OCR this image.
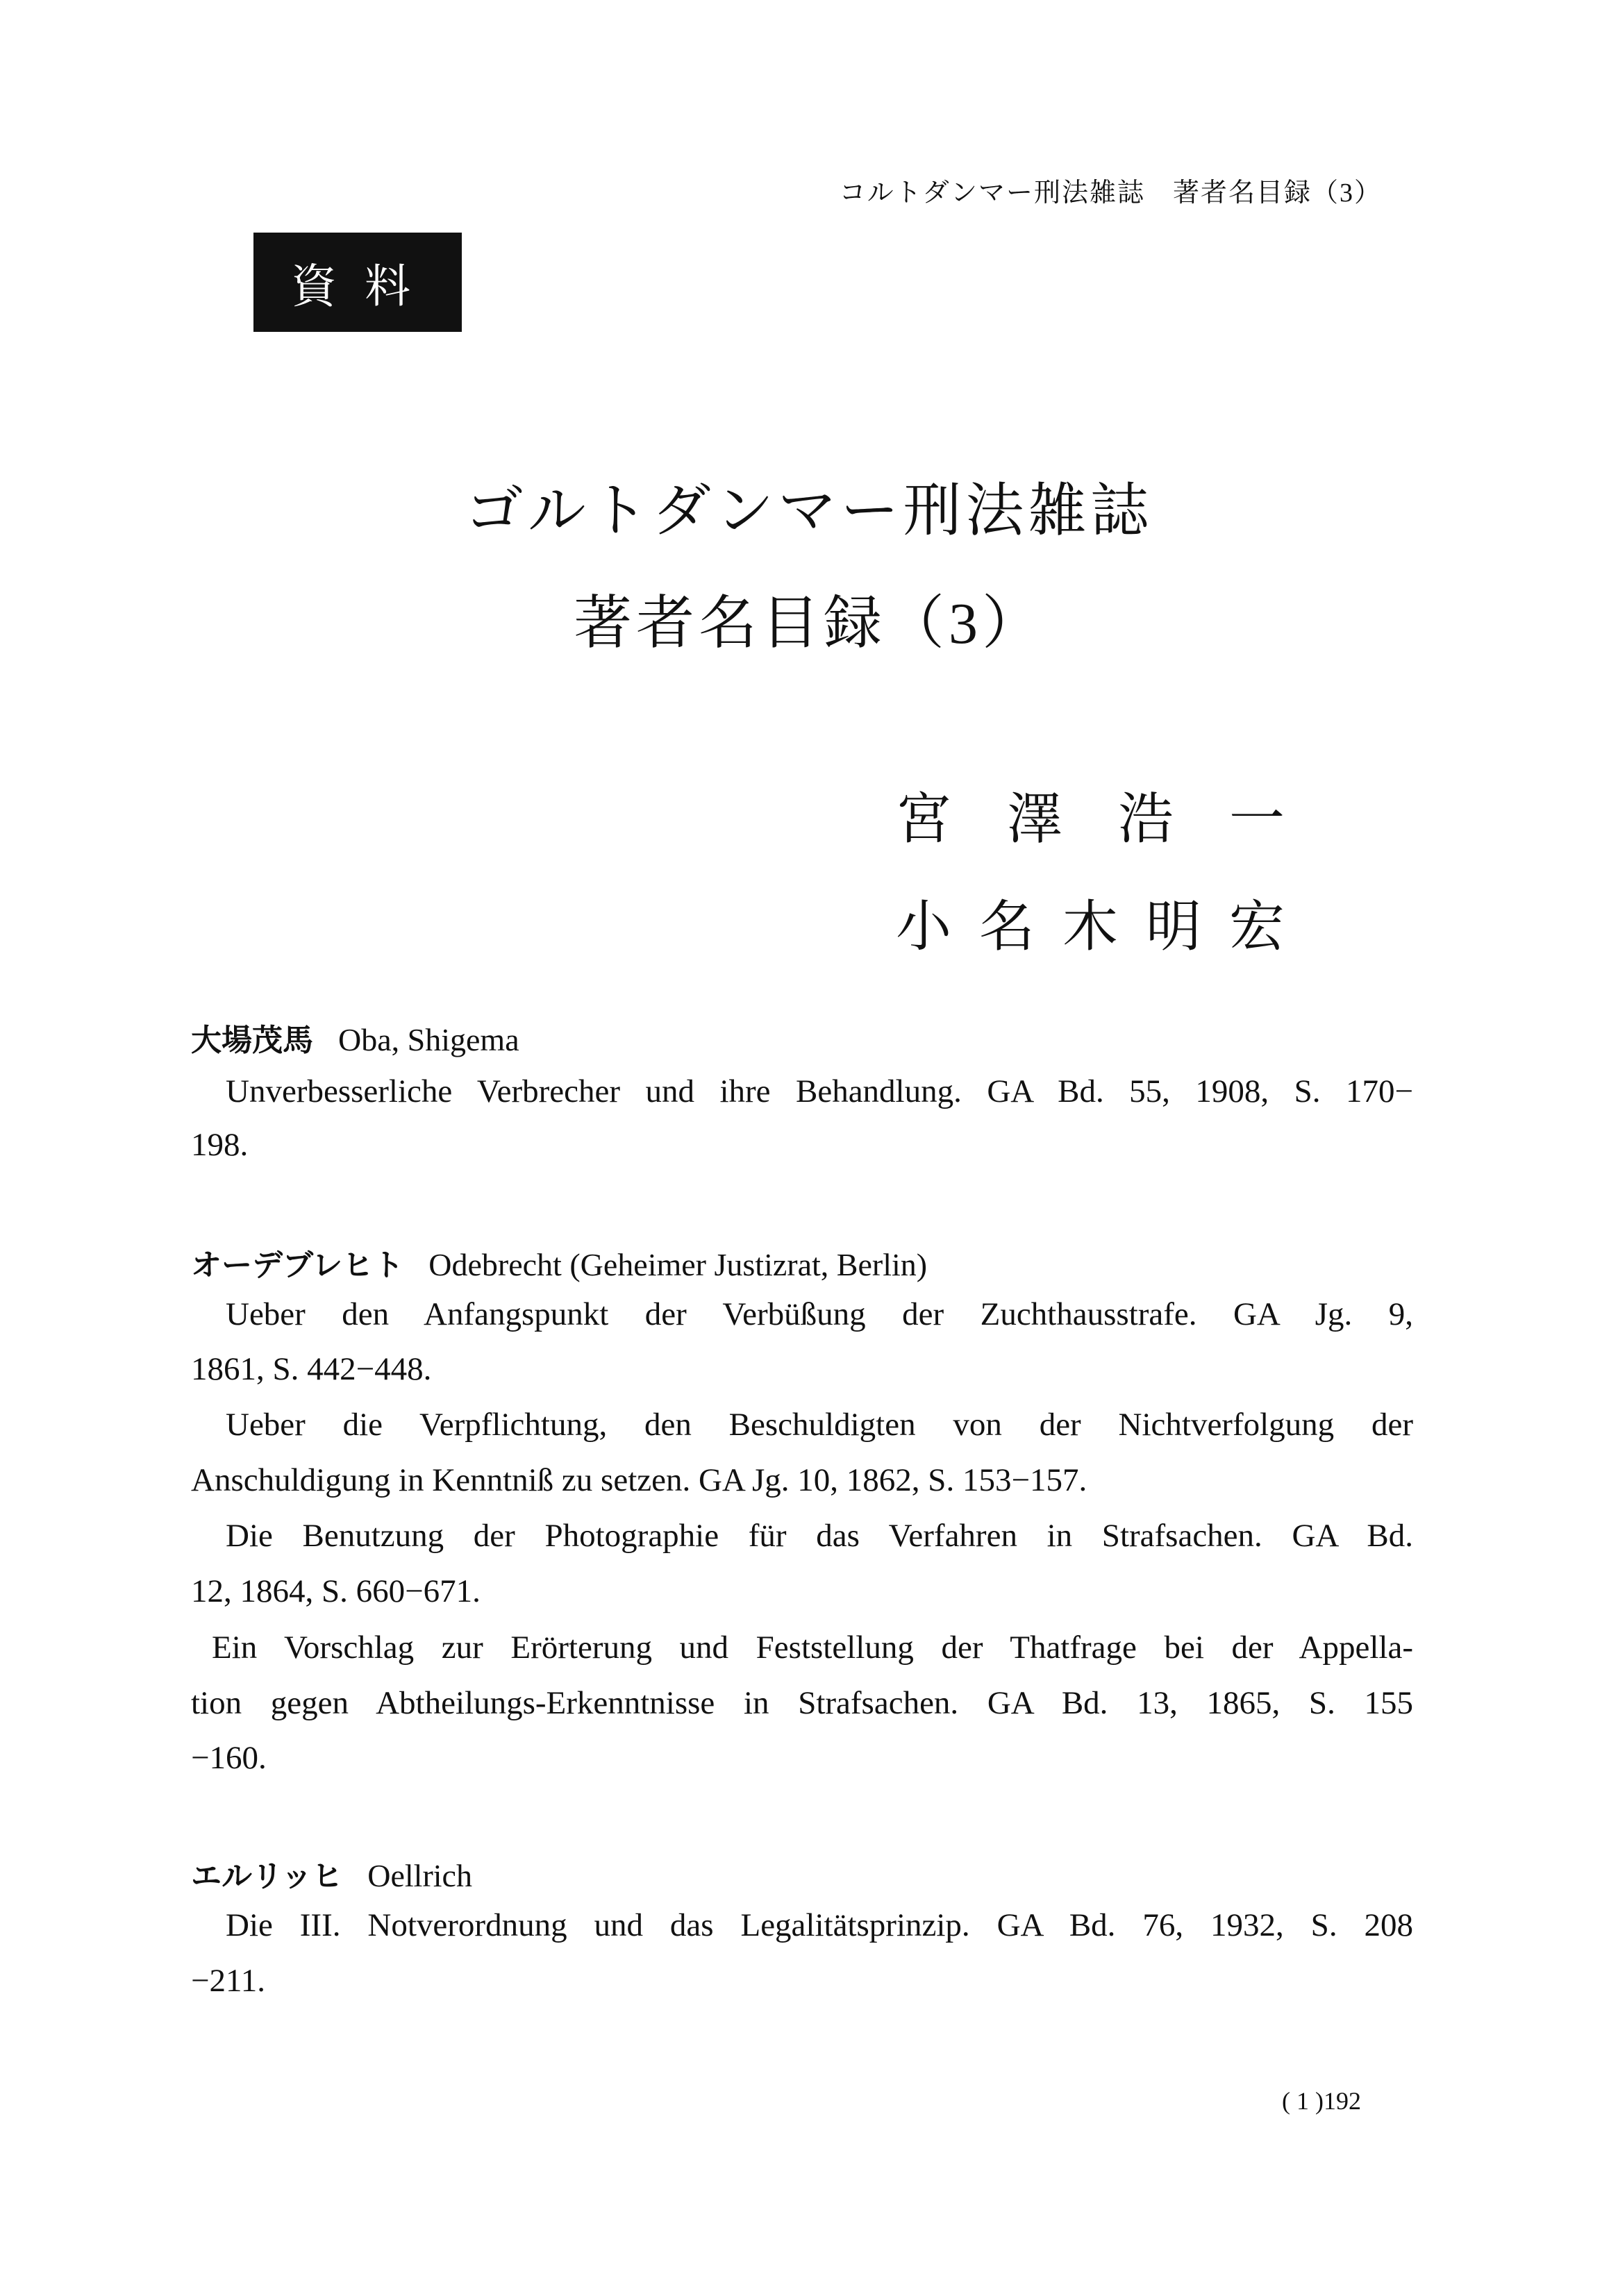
コルトダンマー刑法雑誌　著者名目録（3）
資料
ゴルトダンマー刑法雑誌
著者名目録（3）
宮 澤 浩 一
小 名 木 明 宏
大場茂馬 Oba, Shigema
Unverbesserliche Verbrecher und ihre Behandlung. GA Bd. 55, 1908, S. 170−
198.
オーデブレヒト Odebrecht (Geheimer Justizrat, Berlin)
Ueber den Anfangspunkt der Verbüßung der Zuchthausstrafe. GA Jg. 9,
1861, S. 442−448.
Ueber die Verpflichtung, den Beschuldigten von der Nichtverfolgung der
Anschuldigung in Kenntniß zu setzen. GA Jg. 10, 1862, S. 153−157.
Die Benutzung der Photographie für das Verfahren in Strafsachen. GA Bd.
12, 1864, S. 660−671.
Ein Vorschlag zur Erörterung und Feststellung der Thatfrage bei der Appella-
tion gegen Abtheilungs-Erkenntnisse in Strafsachen. GA Bd. 13, 1865, S. 155
−160.
エルリッヒ Oellrich
Die III. Notverordnung und das Legalitätsprinzip. GA Bd. 76, 1932, S. 208
−211.
( 1 )192
